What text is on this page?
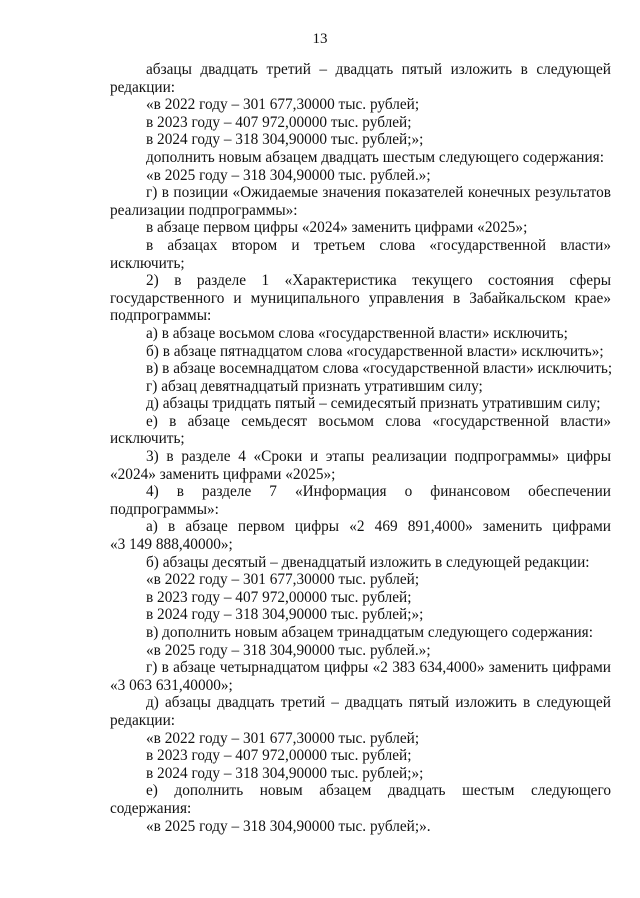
13
абзацы двадцать третий – двадцать пятый изложить в следующей
редакции:
«в 2022 году – 301 677,30000 тыс. рублей;
в 2023 году – 407 972,00000 тыс. рублей;
в 2024 году – 318 304,90000 тыс. рублей;»;
дополнить новым абзацем двадцать шестым следующего содержания:
«в 2025 году – 318 304,90000 тыс. рублей.»;
г) в позиции «Ожидаемые значения показателей конечных результатов
реализации подпрограммы»:
в абзаце первом цифры «2024» заменить цифрами «2025»;
в абзацах втором и третьем слова «государственной власти»
исключить;
2) в разделе 1 «Характеристика текущего состояния сферы
государственного и муниципального управления в Забайкальском крае»
подпрограммы:
а) в абзаце восьмом слова «государственной власти» исключить;
б) в абзаце пятнадцатом слова «государственной власти» исключить»;
в) в абзаце восемнадцатом слова «государственной власти» исключить;
г) абзац девятнадцатый признать утратившим силу;
д) абзацы тридцать пятый – семидесятый признать утратившим силу;
е) в абзаце семьдесят восьмом слова «государственной власти»
исключить;
3) в разделе 4 «Сроки и этапы реализации подпрограммы» цифры
«2024» заменить цифрами «2025»;
4) в разделе 7 «Информация о финансовом обеспечении
подпрограммы»:
а) в абзаце первом цифры «2 469 891,4000» заменить цифрами
«3 149 888,40000»;
б) абзацы десятый – двенадцатый изложить в следующей редакции:
«в 2022 году – 301 677,30000 тыс. рублей;
в 2023 году – 407 972,00000 тыс. рублей;
в 2024 году – 318 304,90000 тыс. рублей;»;
в) дополнить новым абзацем тринадцатым следующего содержания:
«в 2025 году – 318 304,90000 тыс. рублей.»;
г) в абзаце четырнадцатом цифры «2 383 634,4000» заменить цифрами
«3 063 631,40000»;
д) абзацы двадцать третий – двадцать пятый изложить в следующей
редакции:
«в 2022 году – 301 677,30000 тыс. рублей;
в 2023 году – 407 972,00000 тыс. рублей;
в 2024 году – 318 304,90000 тыс. рублей;»;
е) дополнить новым абзацем двадцать шестым следующего
содержания:
«в 2025 году – 318 304,90000 тыс. рублей;».
